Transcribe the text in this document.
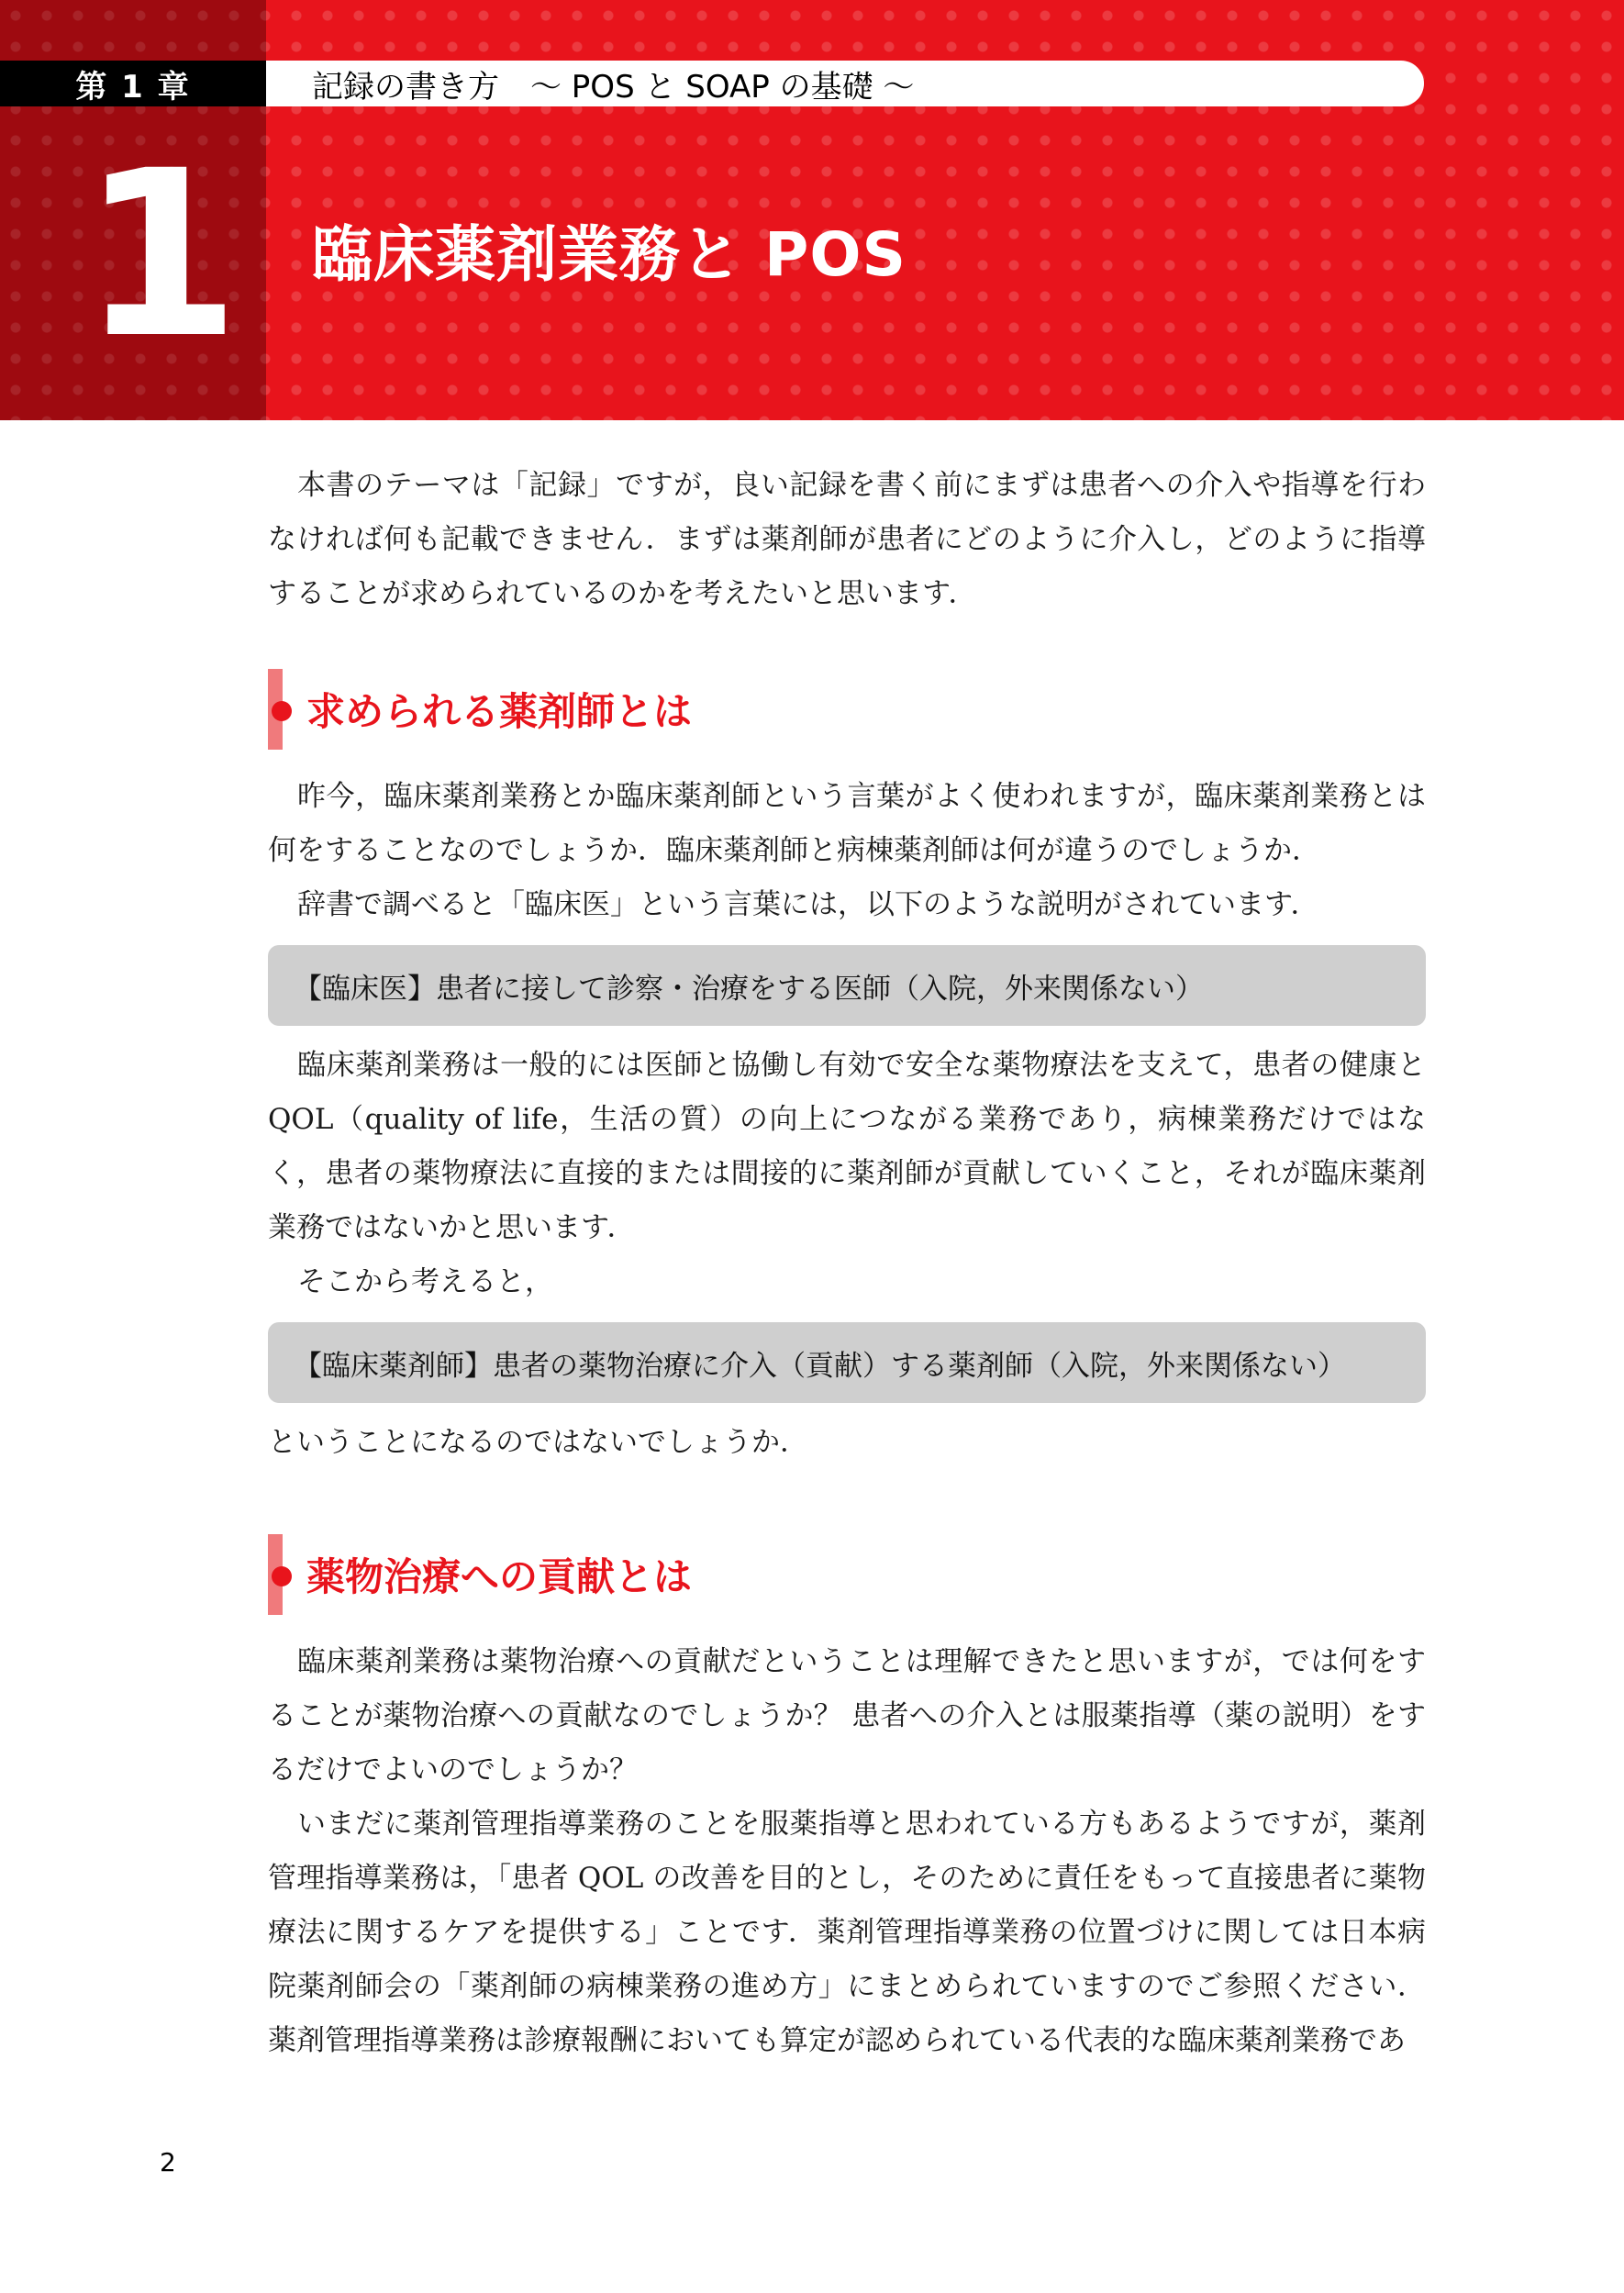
第 1 章	記録の書き方　～ POS と SOAP の基礎 ～
1 臨床薬剤業務と POS

本書のテーマは「記録」ですが，良い記録を書く前にまずは患者への介入や指導を行わなければ何も記載できません．まずは薬剤師が患者にどのように介入し，どのように指導することが求められているのかを考えたいと思います．

求められる薬剤師とは

昨今，臨床薬剤業務とか臨床薬剤師という言葉がよく使われますが，臨床薬剤業務とは何をすることなのでしょうか．臨床薬剤師と病棟薬剤師は何が違うのでしょうか．

辞書で調べると「臨床医」という言葉には，以下のような説明がされています．

【臨床医】患者に接して診察・治療をする医師（入院，外来関係ない）

臨床薬剤業務は一般的には医師と協働し有効で安全な薬物療法を支えて，患者の健康と QOL（quality of life，生活の質）の向上につながる業務であり，病棟業務だけではなく，患者の薬物療法に直接的または間接的に薬剤師が貢献していくこと，それが臨床薬剤業務ではないかと思います．

そこから考えると，

【臨床薬剤師】患者の薬物治療に介入（貢献）する薬剤師（入院，外来関係ない）

ということになるのではないでしょうか．

薬物治療への貢献とは

臨床薬剤業務は薬物治療への貢献だということは理解できたと思いますが，では何をすることが薬物治療への貢献なのでしょうか？ 患者への介入とは服薬指導（薬の説明）をするだけでよいのでしょうか？

いまだに薬剤管理指導業務のことを服薬指導と思われている方もあるようですが，薬剤管理指導業務は，「患者 QOL の改善を目的とし，そのために責任をもって直接患者に薬物療法に関するケアを提供する」ことです．薬剤管理指導業務の位置づけに関しては日本病院薬剤師会の「薬剤師の病棟業務の進め方」にまとめられていますのでご参照ください．薬剤管理指導業務は診療報酬においても算定が認められている代表的な臨床薬剤業務であ

2
